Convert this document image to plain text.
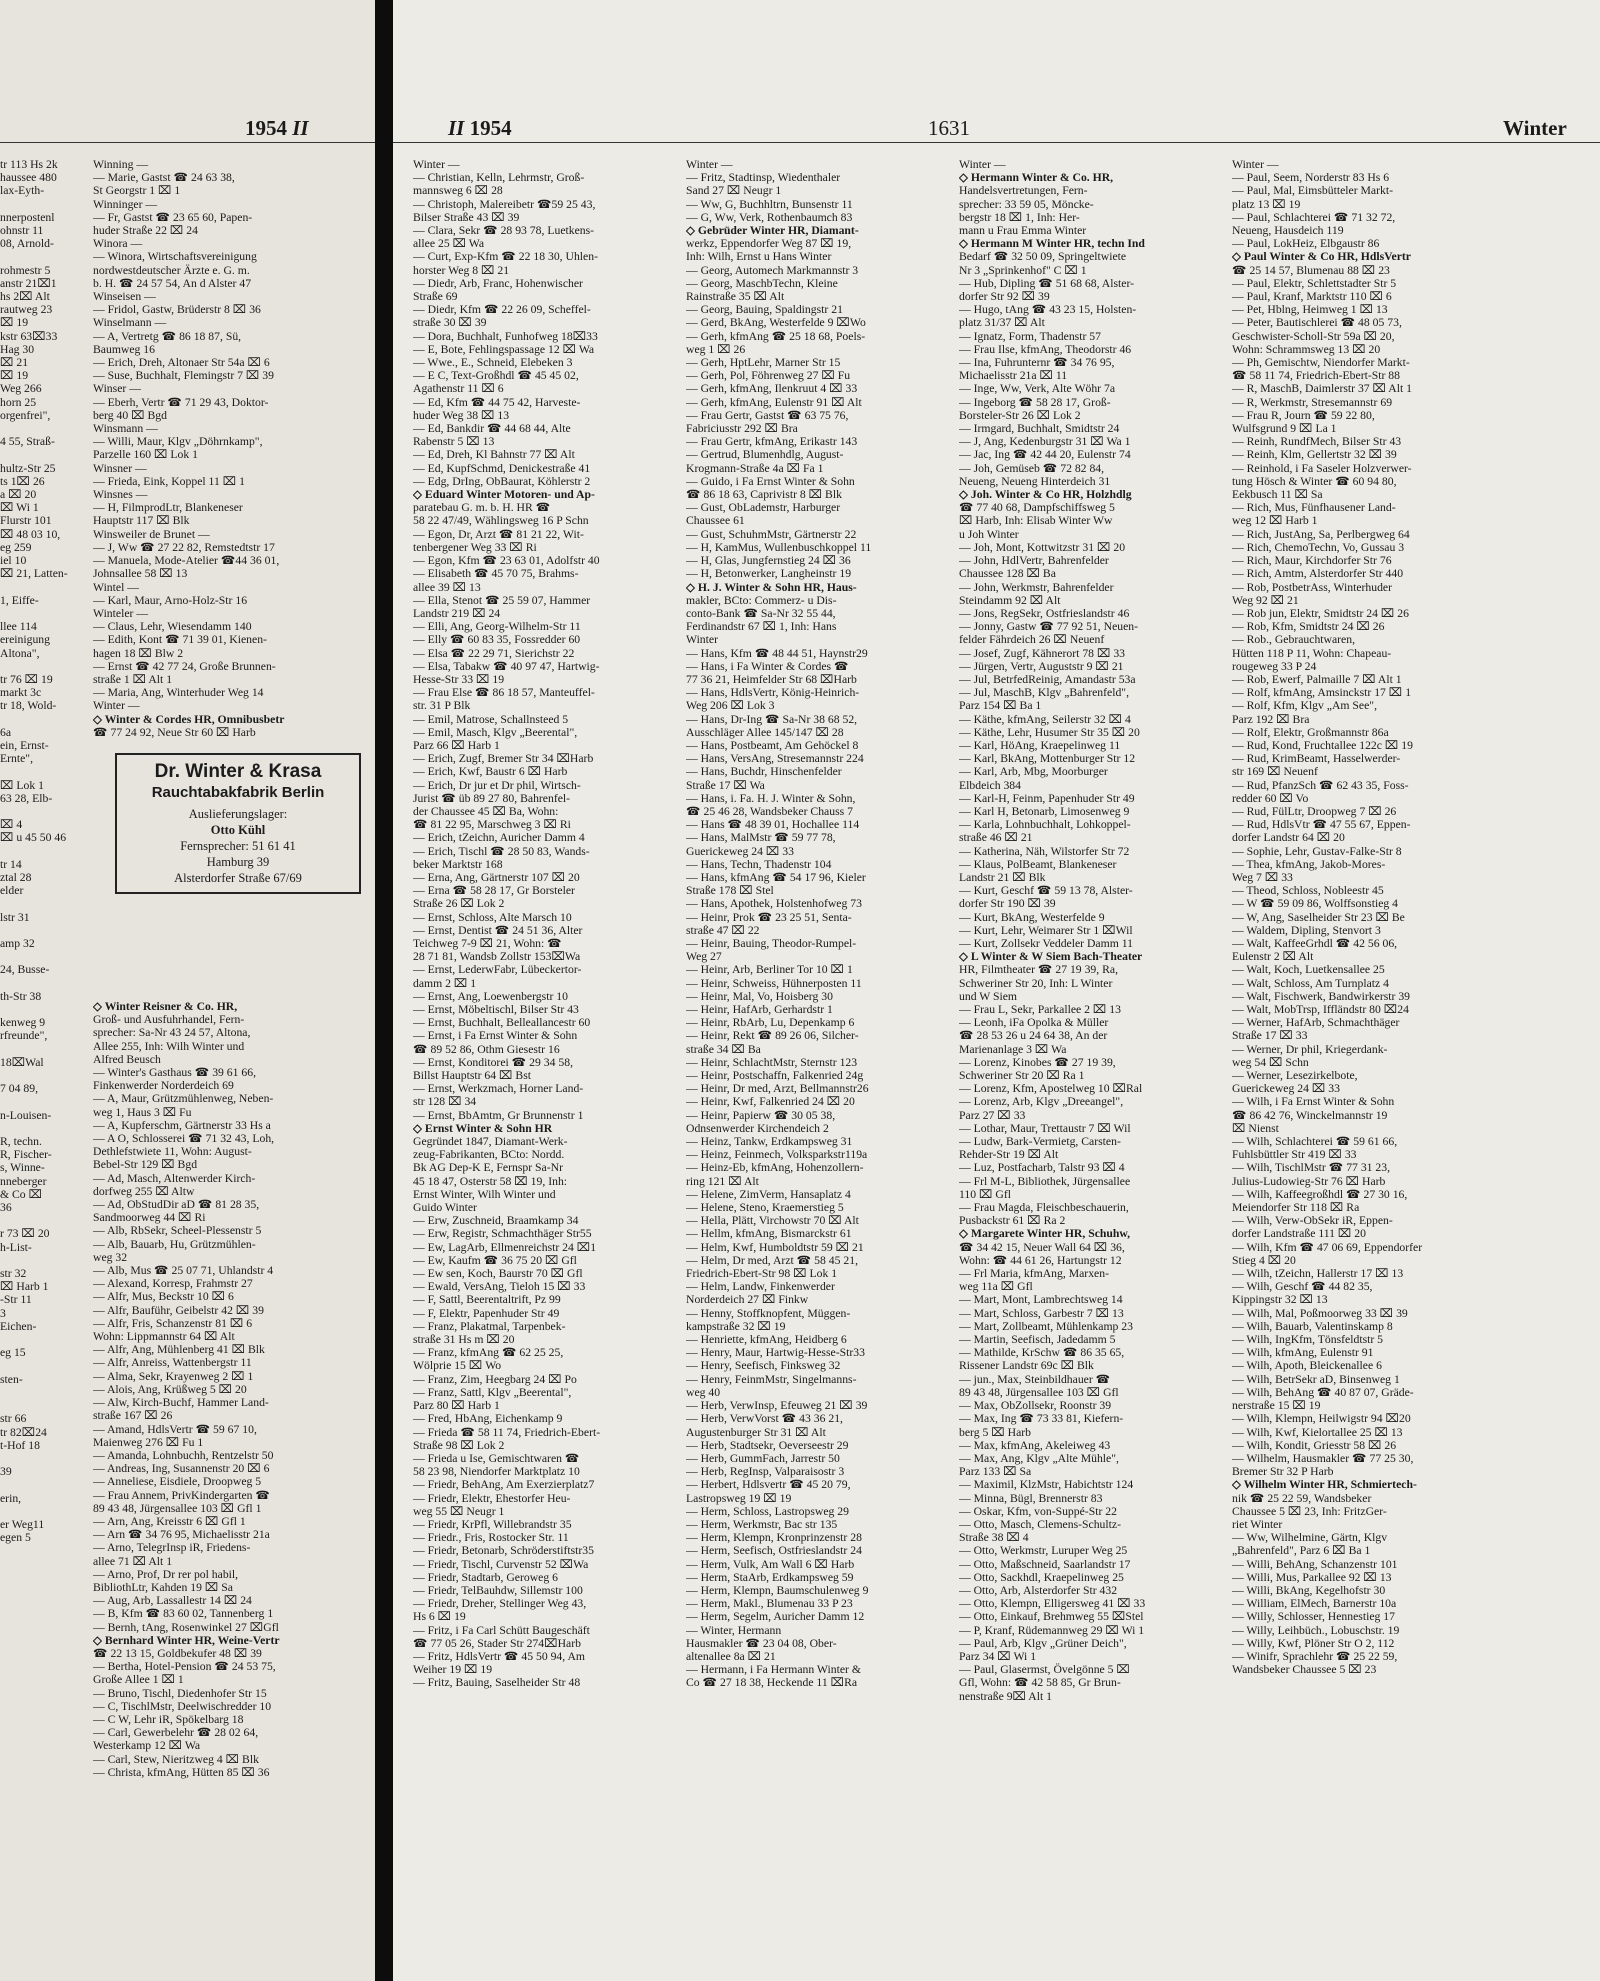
1954 II
tr 113 Hs 2k
haussee 480
lax-Eyth-

nnerpostenl
ohnstr 11
08, Arnold-

rohmestr 5
anstr 21⌧1
hs 2⌧ Alt
rautweg 23
⌧ 19
kstr 63⌧33
Hag 30
⌧ 21
⌧ 19
Weg 266
horn 25
orgenfrei",

4 55, Straß-

hultz-Str 25
ts 1⌧ 26
a ⌧ 20
⌧ Wi 1
Flurstr 101
⌧ 48 03 10,
eg 259
iel 10
⌧ 21, Latten-

1, Eiffe-

llee 114
ereinigung
Altona",

tr 76 ⌧ 19
markt 3c
tr 18, Wold-

6a
ein, Ernst-
Ernte",

⌧ Lok 1
63 28, Elb-

⌧ 4
⌧ u 45 50 46

tr 14
ztal 28
elder

lstr 31

amp 32

24, Busse-

th-Str 38

kenweg 9
rfreunde",

18⌧Wal

7 04 89,

n-Louisen-

R, techn.
R, Fischer-
s, Winne-
nneberger
& Co ⌧
36

r 73 ⌧ 20
h-List-

str 32
⌧ Harb 1
-Str 11
3
Eichen-

eg 15

sten-

str 66
tr 82⌧24
t-Hof 18

39

erin,

er Weg11
egen 5
Winning —
— Marie, Gastst ☎ 24 63 38,
St Georgstr 1 ⌧ 1
Winninger —
— Fr, Gastst ☎ 23 65 60, Papen-
huder Straße 22 ⌧ 24
Winora —
— Winora, Wirtschaftsvereinigung
nordwestdeutscher Ärzte e. G. m.
b. H. ☎ 24 57 54, An d Alster 47
Winseisen —
— Fridol, Gastw, Brüderstr 8 ⌧ 36
Winselmann —
— A, Vertretg ☎ 86 18 87, Sü,
Baumweg 16
— Erich, Dreh, Altonaer Str 54a ⌧ 6
— Suse, Buchhalt, Flemingstr 7 ⌧ 39
Winser —
— Eberh, Vertr ☎ 71 29 43, Doktor-
berg 40 ⌧ Bgd
Winsmann —
— Willi, Maur, Klgv „Döhrnkamp",
Parzelle 160 ⌧ Lok 1
Winsner —
— Frieda, Eink, Koppel 11 ⌧ 1
Winsnes —
— H, FilmprodLtr, Blankeneser
Hauptstr 117 ⌧ Blk
Winsweiler de Brunet —
— J, Ww ☎ 27 22 82, Remstedtstr 17
— Manuela, Mode-Atelier ☎44 36 01,
Johnsallee 58 ⌧ 13
Wintel —
— Karl, Maur, Arno-Holz-Str 16
Winteler —
— Claus, Lehr, Wiesendamm 140
— Edith, Kont ☎ 71 39 01, Kienen-
hagen 18 ⌧ Blw 2
— Ernst ☎ 42 77 24, Große Brunnen-
straße 1 ⌧ Alt 1
— Maria, Ang, Winterhuder Weg 14
Winter —
◇ Winter & Cordes HR, Omnibusbetr
☎ 77 24 92, Neue Str 60 ⌧ Harb
Dr. Winter & Krasa
Rauchtabakfabrik Berlin
Auslieferungslager:
Otto Kühl
Fernsprecher: 51 61 41
Hamburg 39
Alsterdorfer Straße 67/69
◇ Winter Reisner & Co. HR,
Groß- und Ausfuhrhandel, Fern-
sprecher: Sa-Nr 43 24 57, Altona,
Allee 255, Inh: Wilh Winter und
Alfred Beusch
— Winter's Gasthaus ☎ 39 61 66,
Finkenwerder Norderdeich 69
— A, Maur, Grützmühlenweg, Neben-
weg 1, Haus 3 ⌧ Fu
— A, Kupferschm, Gärtnerstr 33 Hs a
— A O, Schlosserei ☎ 71 32 43, Loh,
Dethlefstwiete 11, Wohn: August-
Bebel-Str 129 ⌧ Bgd
— Ad, Masch, Altenwerder Kirch-
dorfweg 255 ⌧ Altw
— Ad, ObStudDir aD ☎ 81 28 35,
Sandmoorweg 44 ⌧ Ri
— Alb, RbSekr, Scheel-Plessenstr 5
— Alb, Bauarb, Hu, Grützmühlen-
weg 32
— Alb, Mus ☎ 25 07 71, Uhlandstr 4
— Alexand, Korresp, Frahmstr 27
— Alfr, Mus, Beckstr 10 ⌧ 6
— Alfr, Bauführ, Geibelstr 42 ⌧ 39
— Alfr, Fris, Schanzenstr 81 ⌧ 6
Wohn: Lippmannstr 64 ⌧ Alt
— Alfr, Ang, Mühlenberg 41 ⌧ Blk
— Alfr, Anreiss, Wattenbergstr 11
— Alma, Sekr, Krayenweg 2 ⌧ 1
— Alois, Ang, Krüßweg 5 ⌧ 20
— Alw, Kirch-Buchf, Hammer Land-
straße 167 ⌧ 26
— Amand, HdlsVertr ☎ 59 67 10,
Maienweg 276 ⌧ Fu 1
— Amanda, Lohnbuchh, Rentzelstr 50
— Andreas, Ing, Susannenstr 20 ⌧ 6
— Anneliese, Eisdiele, Droopweg 5
— Frau Annem, PrivKindergarten ☎
89 43 48, Jürgensallee 103 ⌧ Gfl 1
— Arn, Ang, Kreisstr 6 ⌧ Gfl 1
— Arn ☎ 34 76 95, Michaelisstr 21a
— Arno, TelegrInsp iR, Friedens-
allee 71 ⌧ Alt 1
— Arno, Prof, Dr rer pol habil,
BibliothLtr, Kahden 19 ⌧ Sa
— Aug, Arb, Lassallestr 14 ⌧ 24
— B, Kfm ☎ 83 60 02, Tannenberg 1
— Bernh, tAng, Rosenwinkel 27 ⌧Gfl
◇ Bernhard Winter HR, Weine-Vertr
☎ 22 13 15, Goldbekufer 48 ⌧ 39
— Bertha, Hotel-Pension ☎ 24 53 75,
Große Allee 1 ⌧ 1
— Bruno, Tischl, Diedenhofer Str 15
— C, TischlMstr, Deelwischredder 10
— C W, Lehr iR, Spökelbarg 18
— Carl, Gewerbelehr ☎ 28 02 64,
Westerkamp 12 ⌧ Wa
— Carl, Stew, Nieritzweg 4 ⌧ Blk
— Christa, kfmAng, Hütten 85 ⌧ 36
II 1954	1631	Winter
Winter —
— Christian, Kelln, Lehrmstr, Groß-
mannsweg 6 ⌧ 28
— Christoph, Malereibetr ☎59 25 43,
Bilser Straße 43 ⌧ 39
— Clara, Sekr ☎ 28 93 78, Luetkens-
allee 25 ⌧ Wa
— Curt, Exp-Kfm ☎ 22 18 30, Uhlen-
horster Weg 8 ⌧ 21
— Diedr, Arb, Franc, Hohenwischer
Straße 69
— Diedr, Kfm ☎ 22 26 09, Scheffel-
straße 30 ⌧ 39
— Dora, Buchhalt, Funhofweg 18⌧33
— E, Bote, Fehlingspassage 12 ⌧ Wa
— Wwe., E., Schneid, Elebeken 3
— E C, Text-Großhdl ☎ 45 45 02,
Agathenstr 11 ⌧ 6
— Ed, Kfm ☎ 44 75 42, Harveste-
huder Weg 38 ⌧ 13
— Ed, Bankdir ☎ 44 68 44, Alte
Rabenstr 5 ⌧ 13
— Ed, Dreh, Kl Bahnstr 77 ⌧ Alt
— Ed, KupfSchmd, Denickestraße 41
— Edg, DrIng, ObBaurat, Köhlerstr 2
◇ Eduard Winter Motoren- und Ap-
paratebau G. m. b. H. HR ☎
58 22 47/49, Wählingsweg 16 P Schn
— Egon, Dr, Arzt ☎ 81 21 22, Wit-
tenbergener Weg 33 ⌧ Ri
— Egon, Kfm ☎ 23 63 01, Adolfstr 40
— Elisabeth ☎ 45 70 75, Brahms-
allee 39 ⌧ 13
— Ella, Stenot ☎ 25 59 07, Hammer
Landstr 219 ⌧ 24
— Elli, Ang, Georg-Wilhelm-Str 11
— Elly ☎ 60 83 35, Fossredder 60
— Elsa ☎ 22 29 71, Sierichstr 22
— Elsa, Tabakw ☎ 40 97 47, Hartwig-
Hesse-Str 33 ⌧ 19
— Frau Else ☎ 86 18 57, Manteuffel-
str. 31 P Blk
— Emil, Matrose, Schallnsteed 5
— Emil, Masch, Klgv „Beerental",
Parz 66 ⌧ Harb 1
— Erich, Zugf, Bremer Str 34 ⌧Harb
— Erich, Kwf, Baustr 6 ⌧ Harb
— Erich, Dr jur et Dr phil, Wirtsch-
Jurist ☎ üb 89 27 80, Bahrenfel-
der Chaussee 45 ⌧ Ba, Wohn:
☎ 81 22 95, Marschweg 3 ⌧ Ri
— Erich, tZeichn, Auricher Damm 4
— Erich, Tischl ☎ 28 50 83, Wands-
beker Marktstr 168
— Erna, Ang, Gärtnerstr 107 ⌧ 20
— Erna ☎ 58 28 17, Gr Borsteler
Straße 26 ⌧ Lok 2
— Ernst, Schloss, Alte Marsch 10
— Ernst, Dentist ☎ 24 51 36, Alter
Teichweg 7-9 ⌧ 21, Wohn: ☎
28 71 81, Wandsb Zollstr 153⌧Wa
— Ernst, LederwFabr, Lübeckertor-
damm 2 ⌧ 1
— Ernst, Ang, Loewenbergstr 10
— Ernst, Möbeltischl, Bilser Str 43
— Ernst, Buchhalt, Belleallancestr 60
— Ernst, i Fa Ernst Winter & Sohn
☎ 89 52 86, Othm Giesestr 16
— Ernst, Konditorei ☎ 29 34 58,
Billst Hauptstr 64 ⌧ Bst
— Ernst, Werkzmach, Horner Land-
str 128 ⌧ 34
— Ernst, BbAmtm, Gr Brunnenstr 1
◇ Ernst Winter & Sohn HR
Gegründet 1847, Diamant-Werk-
zeug-Fabrikanten, BCto: Nordd.
Bk AG Dep-K E, Fernspr Sa-Nr
45 18 47, Osterstr 58 ⌧ 19, Inh:
Ernst Winter, Wilh Winter und
Guido Winter
— Erw, Zuschneid, Braamkamp 34
— Erw, Registr, Schmachthäger Str55
— Ew, LagArb, Ellmenreichstr 24 ⌧1
— Ew, Kaufm ☎ 36 75 20 ⌧ Gfl
— Ew sen, Koch, Baurstr 70 ⌧ Gfl
— Ewald, VersAng, Tieloh 15 ⌧ 33
— F, Sattl, Beerentaltrift, Pz 99
— F, Elektr, Papenhuder Str 49
— Franz, Plakatmal, Tarpenbek-
straße 31 Hs m ⌧ 20
— Franz, kfmAng ☎ 62 25 25,
Wölpriе 15 ⌧ Wo
— Franz, Zim, Heegbarg 24 ⌧ Po
— Franz, Sattl, Klgv „Beerental",
Parz 80 ⌧ Harb 1
— Fred, HbAng, Eichenkamp 9
— Frieda ☎ 58 11 74, Friedrich-Ebert-
Straße 98 ⌧ Lok 2
— Frieda u Ise, Gemischtwaren ☎
58 23 98, Niendorfer Marktplatz 10
— Friedr, BehAng, Am Exerzierplatz7
— Friedr, Elektr, Ehestorfer Heu-
weg 55 ⌧ Neugr 1
— Friedr, KrPfl, Willebrandstr 35
— Friedr., Fris, Rostocker Str. 11
— Friedr, Betonarb, Schröderstiftstr35
— Friedr, Tischl, Curvenstr 52 ⌧Wa
— Friedr, Stadtarb, Geroweg 6
— Friedr, TelBauhdw, Sillemstr 100
— Friedr, Dreher, Stellinger Weg 43,
Hs 6 ⌧ 19
— Fritz, i Fa Carl Schütt Baugeschäft
☎ 77 05 26, Stader Str 274⌧Harb
— Fritz, HdlsVertr ☎ 45 50 94, Am
Weiher 19 ⌧ 19
— Fritz, Bauing, Saselheider Str 48
Winter —
— Fritz, Stadtinsp, Wiedenthaler
Sand 27 ⌧ Neugr 1
— Ww, G, Buchhltrn, Bunsenstr 11
— G, Ww, Verk, Rothenbaumch 83
◇ Gebrüder Winter HR, Diamant-
werkz, Eppendorfer Weg 87 ⌧ 19,
Inh: Wilh, Ernst u Hans Winter
— Georg, Automech Markmannstr 3
— Georg, MaschbTechn, Kleine
Rainstraße 35 ⌧ Alt
— Georg, Bauing, Spaldingstr 21
— Gerd, BkAng, Westerfelde 9 ⌧Wo
— Gerh, kfmAng ☎ 25 18 68, Poels-
weg 1 ⌧ 26
— Gerh, HptLehr, Marner Str 15
— Gerh, Pol, Föhrenweg 27 ⌧ Fu
— Gerh, kfmAng, Ilenkruut 4 ⌧ 33
— Gerh, kfmAng, Eulenstr 91 ⌧ Alt
— Frau Gertr, Gastst ☎ 63 75 76,
Fabriciusstr 292 ⌧ Bra
— Frau Gertr, kfmAng, Erikastr 143
— Gertrud, Blumenhdlg, August-
Krogmann-Straße 4a ⌧ Fa 1
— Guido, i Fa Ernst Winter & Sohn
☎ 86 18 63, Caprivistr 8 ⌧ Blk
— Gust, ObLademstr, Harburger
Chaussee 61
— Gust, SchuhmMstr, Gärtnerstr 22
— H, KamMus, Wullenbuschkoppel 11
— H, Glas, Jungfernstieg 24 ⌧ 36
— H, Betonwerker, Langheinstr 19
◇ H. J. Winter & Sohn HR, Haus-
makler, BCto: Commerz- u Dis-
conto-Bank ☎ Sa-Nr 32 55 44,
Ferdinandstr 67 ⌧ 1, Inh: Hans
Winter
— Hans, Kfm ☎ 48 44 51, Haynstr29
— Hans, i Fa Winter & Cordes ☎
77 36 21, Heimfelder Str 68 ⌧Harb
— Hans, HdlsVertr, König-Heinrich-
Weg 206 ⌧ Lok 3
— Hans, Dr-Ing ☎ Sa-Nr 38 68 52,
Ausschläger Allee 145/147 ⌧ 28
— Hans, Postbeamt, Am Gehöckel 8
— Hans, VersAng, Stresemannstr 224
— Hans, Buchdr, Hinschenfelder
Straße 17 ⌧ Wa
— Hans, i. Fa. H. J. Winter & Sohn,
☎ 25 46 28, Wandsbeker Chauss 7
— Hans ☎ 48 39 01, Hochallee 114
— Hans, MalMstr ☎ 59 77 78,
Guerickeweg 24 ⌧ 33
— Hans, Techn, Thadenstr 104
— Hans, kfmAng ☎ 54 17 96, Kieler
Straße 178 ⌧ Stel
— Hans, Apothek, Holstenhofweg 73
— Heinr, Prok ☎ 23 25 51, Senta-
straße 47 ⌧ 22
— Heinr, Bauing, Theodor-Rumpel-
Weg 27
— Heinr, Arb, Berliner Tor 10 ⌧ 1
— Heinr, Schweiss, Hühnerposten 11
— Heinr, Mal, Vo, Hoisberg 30
— Heinr, HafArb, Gerhardstr 1
— Heinr, RbArb, Lu, Depenkamp 6
— Heinr, Rekt ☎ 89 26 06, Silcher-
straße 34 ⌧ Ba
— Heinr, SchlachtMstr, Sternstr 123
— Heinr, Postschaffn, Falkenried 24g
— Heinr, Dr med, Arzt, Bellmannstr26
— Heinr, Kwf, Falkenried 24 ⌧ 20
— Heinr, Papierw ☎ 30 05 38,
Odnsenwerder Kirchendeich 2
— Heinz, Tankw, Erdkampsweg 31
— Heinz, Feinmech, Volksparkstr119a
— Heinz-Eb, kfmAng, Hohenzollern-
ring 121 ⌧ Alt
— Helene, ZimVerm, Hansaplatz 4
— Helene, Steno, Kraemerstieg 5
— Hella, Plätt, Virchowstr 70 ⌧ Alt
— Hellm, kfmAng, Bismarckstr 61
— Helm, Kwf, Humboldtstr 59 ⌧ 21
— Helm, Dr med, Arzt ☎ 58 45 21,
Friedrich-Ebert-Str 98 ⌧ Lok 1
— Helm, Landw, Finkenwerder
Norderdeich 27 ⌧ Finkw
— Henny, Stoffknopfent, Müggen-
kampstraße 32 ⌧ 19
— Henriette, kfmAng, Heidberg 6
— Henry, Maur, Hartwig-Hesse-Str33
— Henry, Seefisch, Finksweg 32
— Henry, FeinmMstr, Singelmanns-
weg 40
— Herb, VerwInsp, Efeuweg 21 ⌧ 39
— Herb, VerwVorst ☎ 43 36 21,
Augustenburger Str 31 ⌧ Alt
— Herb, Stadtsekr, Oeverseestr 29
— Herb, GummFach, Jarrestr 50
— Herb, RegInsp, Valparaisostr 3
— Herbert, Hdlsvertr ☎ 45 20 79,
Lastropsweg 19 ⌧ 19
— Herm, Schloss, Lastropsweg 29
— Herm, Werkmstr, Bac str 135
— Herm, Klempn, Kronprinzenstr 28
— Herm, Seefisch, Ostfrieslandstr 24
— Herm, Vulk, Am Wall 6 ⌧ Harb
— Herm, StaArb, Erdkampsweg 59
— Herm, Klempn, Baumschulenweg 9
— Herm, Makl., Blumenau 33 P 23
— Herm, Segelm, Auricher Damm 12
— Winter, Hermann
Hausmakler ☎ 23 04 08, Ober-
altenallee 8a ⌧ 21
— Hermann, i Fa Hermann Winter &
Co ☎ 27 18 38, Heckende 11 ⌧Ra
Winter —
◇ Hermann Winter & Co. HR,
Handelsvertretungen, Fern-
sprecher: 33 59 05, Mönckе-
bergstr 18 ⌧ 1, Inh: Her-
mann u Frau Emma Winter
◇ Hermann M Winter HR, techn Ind
Bedarf ☎ 32 50 09, Springeltwiete
Nr 3 „Sprinkenhof" C ⌧ 1
— Hub, Dipling ☎ 51 68 68, Alster-
dorfer Str 92 ⌧ 39
— Hugo, tAng ☎ 43 23 15, Holsten-
platz 31/37 ⌧ Alt
— Ignatz, Form, Thadenstr 57
— Frau Ilse, kfmAng, Theodorstr 46
— Ina, Fuhrunternr ☎ 34 76 95,
Michaelisstr 21a ⌧ 11
— Inge, Ww, Verk, Alte Wöhr 7a
— Ingeborg ☎ 58 28 17, Groß-
Borsteler-Str 26 ⌧ Lok 2
— Irmgard, Buchhalt, Smidtstr 24
— J, Ang, Kedenburgstr 31 ⌧ Wa 1
— Jac, Ing ☎ 42 44 20, Eulenstr 74
— Joh, Gemüseb ☎ 72 82 84,
Neueng, Neueng Hinterdeich 31
◇ Joh. Winter & Co HR, Holzhdlg
☎ 77 40 68, Dampfschiffsweg 5
⌧ Harb, Inh: Elisab Winter Ww
u Joh Winter
— Joh, Mont, Kottwitzstr 31 ⌧ 20
— John, HdlVertr, Bahrenfelder
Chaussee 128 ⌧ Ba
— John, Werkmstr, Bahrenfelder
Steindamm 92 ⌧ Alt
— Jons, RegSekr, Ostfrieslandstr 46
— Jonny, Gastw ☎ 77 92 51, Neuen-
felder Fährdeich 26 ⌧ Neuenf
— Josef, Zugf, Kähnerort 78 ⌧ 33
— Jürgen, Vertr, Auguststr 9 ⌧ 21
— Jul, BetrfedReinig, Amandastr 53a
— Jul, MaschB, Klgv „Bahrenfeld",
Parz 154 ⌧ Ba 1
— Käthe, kfmAng, Seilerstr 32 ⌧ 4
— Käthe, Lehr, Husumer Str 35 ⌧ 20
— Karl, HöAng, Kraepelinweg 11
— Karl, BkAng, Mottenburger Str 12
— Karl, Arb, Mbg, Moorburger
Elbdeich 384
— Karl-H, Feinm, Papenhuder Str 49
— Karl H, Betonarb, Limosenweg 9
— Karla, Lohnbuchhalt, Lohkoppel-
straße 46 ⌧ 21
— Katherina, Näh, Wilstorfer Str 72
— Klaus, PolBeamt, Blankeneser
Landstr 21 ⌧ Blk
— Kurt, Geschf ☎ 59 13 78, Alster-
dorfer Str 190 ⌧ 39
— Kurt, BkAng, Westerfelde 9
— Kurt, Lehr, Weimarer Str 1 ⌧Wil
— Kurt, Zollsekr Veddeler Damm 11
◇ L Winter & W Siem Bach-Theater
HR, Filmtheater ☎ 27 19 39, Ra,
Schweriner Str 20, Inh: L Winter
und W Siem
— Frau L, Sekr, Parkallee 2 ⌧ 13
— Leonh, iFa Opolka & Müller
☎ 28 53 26 u 24 64 38, An der
Marienanlage 3 ⌧ Wa
— Lorenz, Kinobes ☎ 27 19 39,
Schweriner Str 20 ⌧ Ra 1
— Lorenz, Kfm, Apostelweg 10 ⌧Ral
— Lorenz, Arb, Klgv „Dreeangel",
Parz 27 ⌧ 33
— Lothar, Maur, Trettaustr 7 ⌧ Wil
— Ludw, Bark-Vermietg, Carsten-
Rehder-Str 19 ⌧ Alt
— Luz, Postfacharb, Talstr 93 ⌧ 4
— Frl M-L, Bibliothek, Jürgensallee
110 ⌧ Gfl
— Frau Magda, Fleischbeschauerin,
Pusbackstr 61 ⌧ Ra 2
◇ Margarete Winter HR, Schuhw,
☎ 34 42 15, Neuer Wall 64 ⌧ 36,
Wohn: ☎ 44 61 26, Hartungstr 12
— Frl Maria, kfmAng, Marxen-
weg 11a ⌧ Gfl
— Mart, Mont, Lambrechtsweg 14
— Mart, Schloss, Garbestr 7 ⌧ 13
— Mart, Zollbeamt, Mühlenkamp 23
— Martin, Seefisch, Jadedamm 5
— Mathilde, KrSchw ☎ 86 35 65,
Rissener Landstr 69c ⌧ Blk
— jun., Max, Steinbildhauer ☎
89 43 48, Jürgensallee 103 ⌧ Gfl
— Max, ObZollsekr, Roonstr 39
— Max, Ing ☎ 73 33 81, Kiefern-
berg 5 ⌧ Harb
— Max, kfmAng, Akeleiweg 43
— Max, Ang, Klgv „Alte Mühle",
Parz 133 ⌧ Sa
— Maximil, KlzMstr, Habichtstr 124
— Minna, Bügl, Brennerstr 83
— Oskar, Kfm, von-Suppé-Str 22
— Otto, Masch, Clemens-Schultz-
Straße 38 ⌧ 4
— Otto, Werkmstr, Luruper Weg 25
— Otto, Maßschneid, Saarlandstr 17
— Otto, Sackhdl, Kraepelinweg 25
— Otto, Arb, Alsterdorfer Str 432
— Otto, Klempn, Elligersweg 41 ⌧ 33
— Otto, Einkauf, Brehmweg 55 ⌧Stel
— P, Kranf, Rüdemannweg 29 ⌧ Wi 1
— Paul, Arb, Klgv „Grüner Deich",
Parz 34 ⌧ Wi 1
— Paul, Glasermst, Övelgönne 5 ⌧
Gfl, Wohn: ☎ 42 58 85, Gr Brun-
nenstraße 9⌧ Alt 1
Winter —
— Paul, Seem, Norderstr 83 Hs 6
— Paul, Mal, Eimsbütteler Markt-
platz 13 ⌧ 19
— Paul, Schlachterei ☎ 71 32 72,
Neueng, Hausdeich 119
— Paul, LokHeiz, Elbgaustr 86
◇ Paul Winter & Co HR, HdlsVertr
☎ 25 14 57, Blumenau 88 ⌧ 23
— Paul, Elektr, Schlettstadter Str 5
— Paul, Kranf, Marktstr 110 ⌧ 6
— Pet, Hblng, Heimweg 1 ⌧ 13
— Peter, Bautischlerei ☎ 48 05 73,
Geschwister-Scholl-Str 59a ⌧ 20,
Wohn: Schrammsweg 13 ⌧ 20
— Ph, Gemischtw, Niendorfer Markt-
☎ 58 11 74, Friedrich-Ebert-Str 88
— R, MaschB, Daimlerstr 37 ⌧ Alt 1
— R, Werkmstr, Stresemannstr 69
— Frau R, Journ ☎ 59 22 80,
Wulfsgrund 9 ⌧ La 1
— Reinh, RundfMech, Bilser Str 43
— Reinh, Klm, Gellertstr 32 ⌧ 39
— Reinhold, i Fa Saseler Holzverwer-
tung Hösch & Winter ☎ 60 94 80,
Eekbusch 11 ⌧ Sa
— Rich, Mus, Fünfhausener Land-
weg 12 ⌧ Harb 1
— Rich, JustAng, Sa, Perlbergweg 64
— Rich, ChemoTechn, Vo, Gussau 3
— Rich, Maur, Kirchdorfer Str 76
— Rich, Amtm, Alsterdorfer Str 440
— Rob, PostbetrAss, Winterhuder
Weg 92 ⌧ 21
— Rob jun, Elektr, Smidtstr 24 ⌧ 26
— Rob, Kfm, Smidtstr 24 ⌧ 26
— Rob., Gebrauchtwaren,
Hütten 118 P 11, Wohn: Chapeau-
rougeweg 33 P 24
— Rob, Ewerf, Palmaille 7 ⌧ Alt 1
— Rolf, kfmAng, Amsinckstr 17 ⌧ 1
— Rolf, Kfm, Klgv „Am See",
Parz 192 ⌧ Bra
— Rolf, Elektr, Großmannstr 86a
— Rud, Kond, Fruchtallee 122c ⌧ 19
— Rud, KrimBeamt, Hasselwerder-
str 169 ⌧ Neuenf
— Rud, PfanzSch ☎ 62 43 35, Foss-
redder 60 ⌧ Vo
— Rud, FülLtr, Droopweg 7 ⌧ 26
— Rud, HdlsVtr ☎ 47 55 67, Eppen-
dorfer Landstr 64 ⌧ 20
— Sophie, Lehr, Gustav-Falke-Str 8
— Thea, kfmAng, Jakob-Mores-
Weg 7 ⌧ 33
— Theod, Schloss, Nobleestr 45
— W ☎ 59 09 86, Wolffsonstieg 4
— W, Ang, Saselheider Str 23 ⌧ Be
— Waldem, Dipling, Stenvort 3
— Walt, KaffeeGrhdl ☎ 42 56 06,
Eulenstr 2 ⌧ Alt
— Walt, Koch, Luetkensallee 25
— Walt, Schloss, Am Turnplatz 4
— Walt, Fischwerk, Bandwirkerstr 39
— Walt, MobTrsp, Iffländstr 80 ⌧24
— Werner, HafArb, Schmachthäger
Straße 17 ⌧ 33
— Werner, Dr phil, Kriegerdank-
weg 54 ⌧ Schn
— Werner, Lesezirkelbote,
Guerickeweg 24 ⌧ 33
— Wilh, i Fa Ernst Winter & Sohn
☎ 86 42 76, Winckelmannstr 19
⌧ Nienst
— Wilh, Schlachterei ☎ 59 61 66,
Fuhlsbüttler Str 419 ⌧ 33
— Wilh, TischlMstr ☎ 77 31 23,
Julius-Ludowieg-Str 76 ⌧ Harb
— Wilh, Kaffeegroßhdl ☎ 27 30 16,
Meiendorfer Str 118 ⌧ Ra
— Wilh, Verw-ObSekr iR, Eppen-
dorfer Landstraße 111 ⌧ 20
— Wilh, Kfm ☎ 47 06 69, Eppendorfer
Stieg 4 ⌧ 20
— Wilh, tZeichn, Hallerstr 17 ⌧ 13
— Wilh, Geschf ☎ 44 82 35,
Kippingstr 32 ⌧ 13
— Wilh, Mal, Poßmoorweg 33 ⌧ 39
— Wilh, Bauarb, Valentinskamp 8
— Wilh, IngKfm, Tönsfeldtstr 5
— Wilh, kfmAng, Eulenstr 91
— Wilh, Apoth, Bleickenallee 6
— Wilh, BetrSekr aD, Binsenweg 1
— Wilh, BehAng ☎ 40 87 07, Gräde-
nerstraße 15 ⌧ 19
— Wilh, Klempn, Heilwigstr 94 ⌧20
— Wilh, Kwf, Kielortallee 25 ⌧ 13
— Wilh, Kondit, Griesstr 58 ⌧ 26
— Wilhelm, Hausmakler ☎ 77 25 30,
Bremer Str 32 P Harb
◇ Wilhelm Winter HR, Schmiertech-
nik ☎ 25 22 59, Wandsbeker
Chaussee 5 ⌧ 23, Inh: FritzGer-
riet Winter
— Ww, Wilhelmine, Gärtn, Klgv
„Bahrenfeld", Parz 6 ⌧ Ba 1
— Willi, BehAng, Schanzenstr 101
— Willi, Mus, Parkallee 92 ⌧ 13
— Willi, BkAng, Kegelhofstr 30
— William, ElMech, Barnerstr 10a
— Willy, Schlosser, Hennestieg 17
— Willy, Leihbüch., Lobuschstr. 19
— Willy, Kwf, Plöner Str O 2, 112
— Winifr, Sprachlehr ☎ 25 22 59,
Wandsbeker Chaussee 5 ⌧ 23
